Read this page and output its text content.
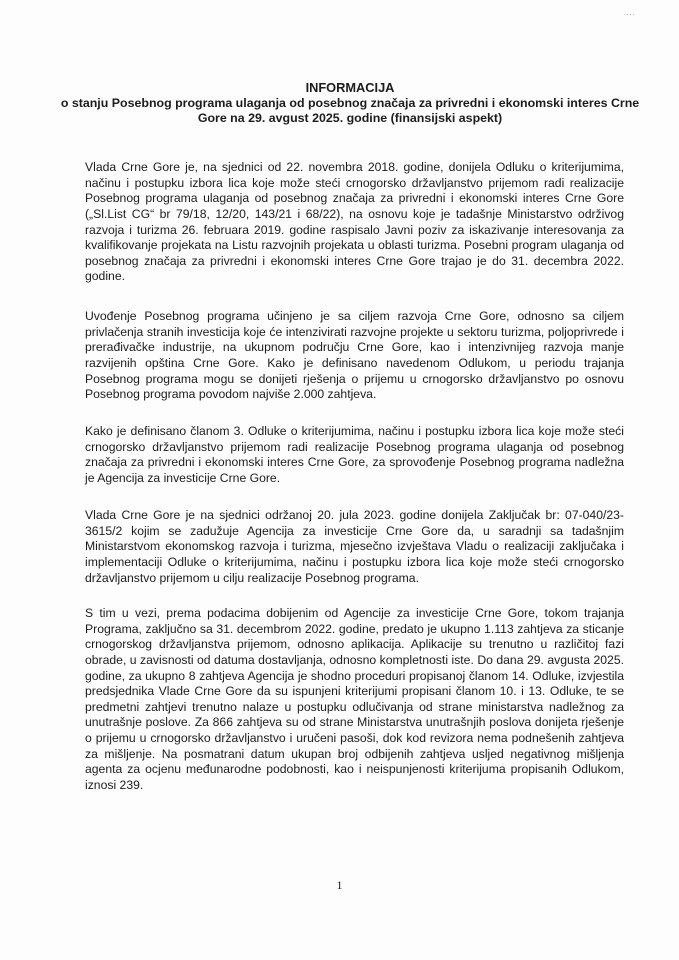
...
INFORMACIJA
o stanju Posebnog programa ulaganja od posebnog značaja za privredni i ekonomski interes Crne Gore na 29. avgust 2025. godine (finansijski aspekt)

Vlada Crne Gore je, na sjednici od 22. novembra 2018. godine, donijela Odluku o kriterijumima, načinu i postupku izbora lica koje može steći crnogorsko državljanstvo prijemom radi realizacije Posebnog programa ulaganja od posebnog značaja za privredni i ekonomski interes Crne Gore („Sl.List CG“ br 79/18, 12/20, 143/21 i 68/22), na osnovu koje je tadašnje Ministarstvo održivog razvoja i turizma 26. februara 2019. godine raspisalo Javni poziv za iskazivanje interesovanja za kvalifikovanje projekata na Listu razvojnih projekata u oblasti turizma. Posebni program ulaganja od posebnog značaja za privredni i ekonomski interes Crne Gore trajao je do 31. decembra 2022. godine.

Uvođenje Posebnog programa učinjeno je sa ciljem razvoja Crne Gore, odnosno sa ciljem privlačenja stranih investicija koje će intenzivirati razvojne projekte u sektoru turizma, poljoprivrede i prerađivačke industrije, na ukupnom području Crne Gore, kao i intenzivnijeg razvoja manje razvijenih opština Crne Gore. Kako je definisano navedenom Odlukom, u periodu trajanja Posebnog programa mogu se donijeti rješenja o prijemu u crnogorsko državljanstvo po osnovu Posebnog programa povodom najviše 2.000 zahtjeva.

Kako je definisano članom 3. Odluke o kriterijumima, načinu i postupku izbora lica koje može steći crnogorsko državljanstvo prijemom radi realizacije Posebnog programa ulaganja od posebnog značaja za privredni i ekonomski interes Crne Gore, za sprovođenje Posebnog programa nadležna je Agencija za investicije Crne Gore.

Vlada Crne Gore je na sjednici održanoj 20. jula 2023. godine donijela Zaključak br: 07-040/23-3615/2 kojim se zadužuje Agencija za investicije Crne Gore da, u saradnji sa tadašnjim Ministarstvom ekonomskog razvoja i turizma, mjesečno izvještava Vladu o realizaciji zaključaka i implementaciji Odluke o kriterijumima, načinu i postupku izbora lica koje može steći crnogorsko državljanstvo prijemom u cilju realizacije Posebnog programa.

S tim u vezi, prema podacima dobijenim od Agencije za investicije Crne Gore, tokom trajanja Programa, zaključno sa 31. decembrom 2022. godine, predato je ukupno 1.113 zahtjeva za sticanje crnogorskog državljanstva prijemom, odnosno aplikacija. Aplikacije su trenutno u različitoj fazi obrade, u zavisnosti od datuma dostavljanja, odnosno kompletnosti iste. Do dana 29. avgusta 2025. godine, za ukupno 8 zahtjeva Agencija je shodno proceduri propisanoj članom 14. Odluke, izvjestila predsjednika Vlade Crne Gore da su ispunjeni kriterijumi propisani članom 10. i 13. Odluke, te se predmetni zahtjevi trenutno nalaze u postupku odlučivanja od strane ministarstva nadležnog za unutrašnje poslove. Za 866 zahtjeva su od strane Ministarstva unutrašnjih poslova donijeta rješenje o prijemu u crnogorsko državljanstvo i uručeni pasoši, dok kod revizora nema podnešenih zahtjeva za mišljenje. Na posmatrani datum ukupan broj odbijenih zahtjeva usljed negativnog mišljenja agenta za ocjenu međunarodne podobnosti, kao i neispunjenosti kriterijuma propisanih Odlukom, iznosi 239.

1
